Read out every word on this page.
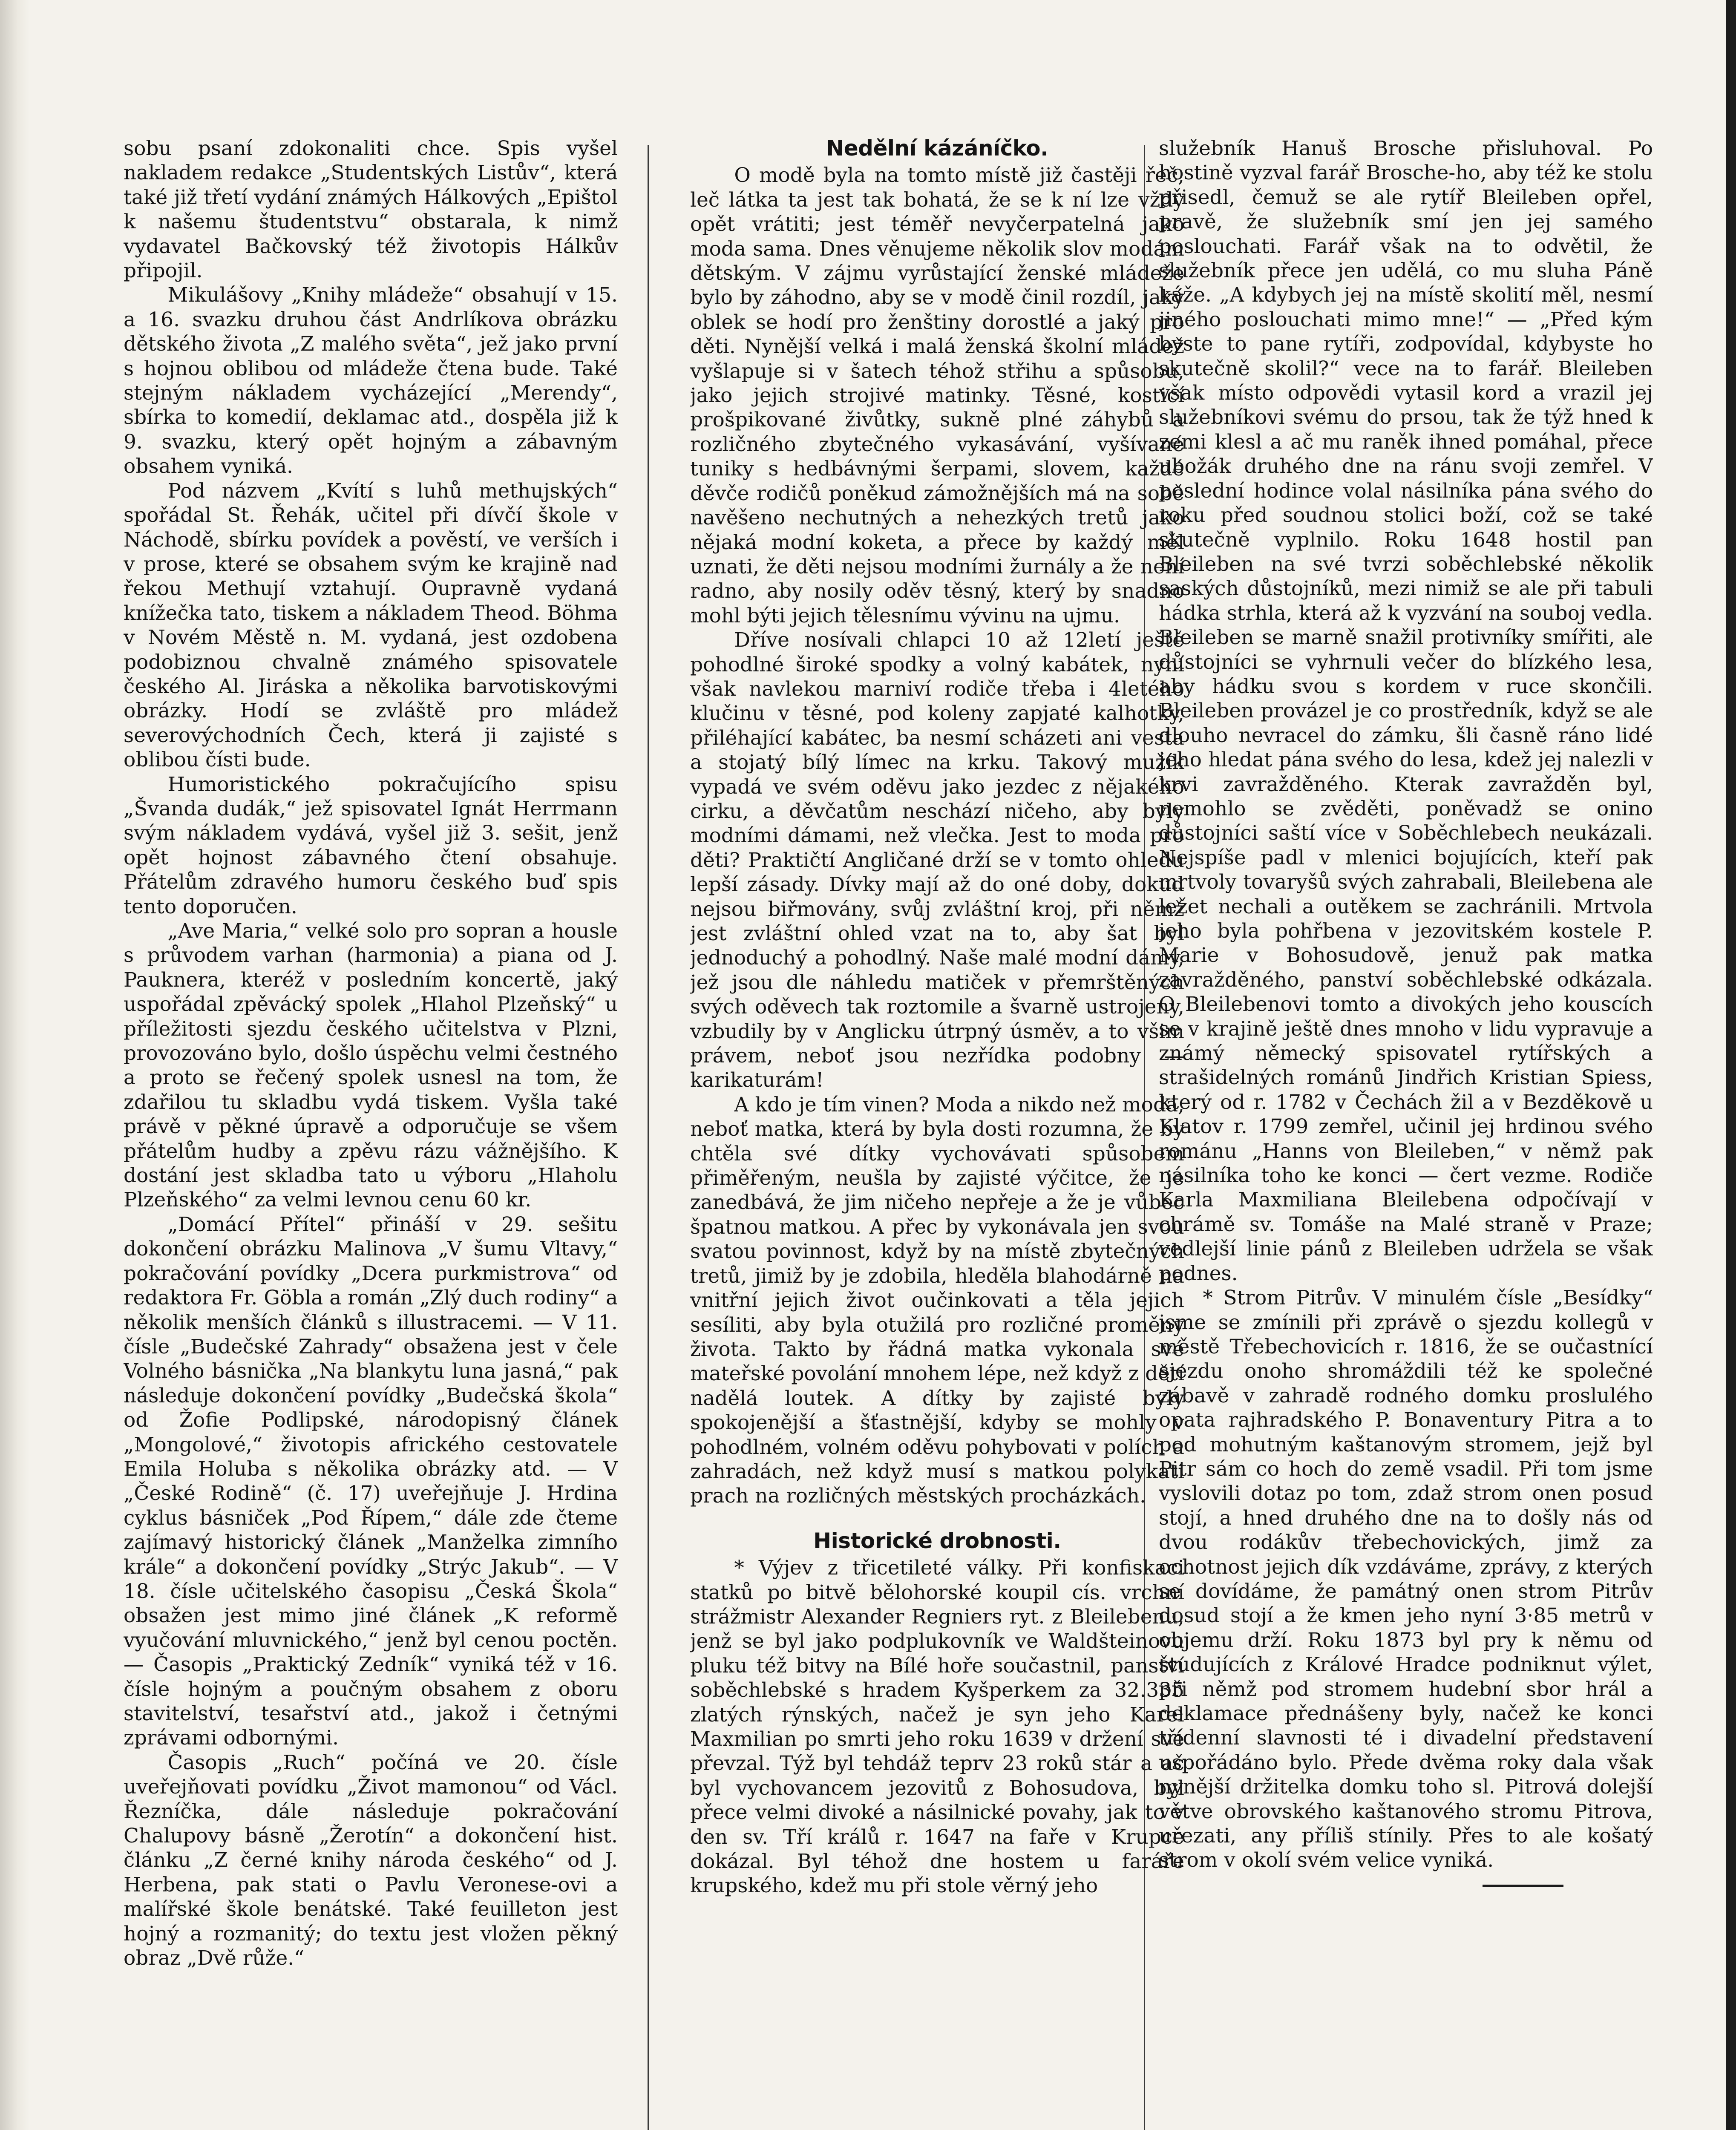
sobu psaní zdokonaliti chce. Spis vyšel nakladem redakce „Studentských Listův“, která také již třetí vydání známých Hálkových „Epištol k našemu študentstvu“ obstarala, k nimž vydavatel Bačkovský též životopis Hálkův připojil.

Mikulášovy „Knihy mládeže“ obsahují v 15. a 16. svazku druhou část Andrlíkova obrázku dětského života „Z malého světa“, jež jako první s hojnou oblibou od mládeže čtena bude. Také stejným nákladem vycházející „Merendy“, sbírka to komedií, deklamac atd., dospěla již k 9. svazku, který opět hojným a zábavným obsahem vyniká.

Pod názvem „Kvítí s luhů methujských“ spořádal St. Řehák, učitel při dívčí škole v Náchodě, sbírku povídek a pověstí, ve verších i v prose, které se obsahem svým ke krajině nad řekou Methují vztahují. Oupravně vydaná knížečka tato, tiskem a nákladem Theod. Böhma v Novém Městě n. M. vydaná, jest ozdobena podobiznou chvalně známého spisovatele českého Al. Jiráska a několika barvotiskovými obrázky. Hodí se zvláště pro mládež severovýchodních Čech, která ji zajisté s oblibou čísti bude.

Humoristického pokračujícího spisu „Švanda dudák,“ jež spisovatel Ignát Herrmann svým nákladem vydává, vyšel již 3. sešit, jenž opět hojnost zábavného čtení obsahuje. Přátelům zdravého humoru českého buď spis tento doporučen.

„Ave Maria,“ velké solo pro sopran a housle s průvodem varhan (harmonia) a piana od J. Pauknera, kteréž v posledním koncertě, jaký uspořádal zpěvácký spolek „Hlahol Plzeňský“ u příležitosti sjezdu českého učitelstva v Plzni, provozováno bylo, došlo úspěchu velmi čestného a proto se řečený spolek usnesl na tom, že zdařilou tu skladbu vydá tiskem. Vyšla také právě v pěkné úpravě a odporučuje se všem přátelům hudby a zpěvu rázu vážnějšího. K dostání jest skladba tato u výboru „Hlaholu Plzeňského“ za velmi levnou cenu 60 kr.

„Domácí Přítel“ přináší v 29. sešitu dokončení obrázku Malinova „V šumu Vltavy,“ pokračování povídky „Dcera purkmistrova“ od redaktora Fr. Göbla a román „Zlý duch rodiny“ a několik menších článků s illustracemi. — V 11. čísle „Budečské Zahrady“ obsažena jest v čele Volného básnička „Na blankytu luna jasná,“ pak následuje dokončení povídky „Budečská škola“ od Žofie Podlipské, národopisný článek „Mongolové,“ životopis afrického cestovatele Emila Holuba s několika obrázky atd. — V „České Rodině“ (č. 17) uveřejňuje J. Hrdina cyklus básniček „Pod Řípem,“ dále zde čteme zajímavý historický článek „Manželka zimního krále“ a dokončení povídky „Strýc Jakub“. — V 18. čísle učitelského časopisu „Česká Škola“ obsažen jest mimo jiné článek „K reformě vyučování mluvnického,“ jenž byl cenou poctěn. — Časopis „Praktický Zedník“ vyniká též v 16. čísle hojným a poučným obsahem z oboru stavitelství, tesařství atd., jakož i četnými zprávami odbornými.

Časopis „Ruch“ počíná ve 20. čísle uveřejňovati povídku „Život mamonou“ od Václ. Řezníčka, dále následuje pokračování Chalupovy básně „Žerotín“ a dokončení hist. článku „Z černé knihy národa českého“ od J. Herbena, pak stati o Pavlu Veronese-ovi a malířské škole benátské. Také feuilleton jest hojný a rozmanitý; do textu jest vložen pěkný obraz „Dvě růže.“

Nedělní kázáníčko.

O modě byla na tomto místě již častěji řeč, leč látka ta jest tak bohatá, že se k ní lze vždy opět vrátiti; jest téměř nevyčerpatelná jako moda sama. Dnes věnujeme několik slov modám dětským. V zájmu vyrůstající ženské mládeže bylo by záhodno, aby se v modě činil rozdíl, jaký oblek se hodí pro ženštiny dorostlé a jaký pro děti. Nynější velká i malá ženská školní mládež vyšlapuje si v šatech téhož střihu a spůsobu, jako jejich strojivé matinky. Těsné, kosticí prošpikované živůtky, sukně plné záhybů a rozličného zbytečného vykasávání, vyšívané tuniky s hedbávnými šerpami, slovem, každé děvče rodičů poněkud zámožnějších má na sobě navěšeno nechutných a nehezkých tretů jako nějaká modní koketa, a přece by každý měl uznati, že děti nejsou modními žurnály a že není radno, aby nosily oděv těsný, který by snadno mohl býti jejich tělesnímu vývinu na ujmu.

Dříve nosívali chlapci 10 až 12letí ještě pohodlné široké spodky a volný kabátek, nyní však navlekou marniví rodiče třeba i 4letého klučinu v těsné, pod koleny zapjaté kalhotky, přiléhající kabátec, ba nesmí scházeti ani vesta a stojatý bílý límec na krku. Takový mužík vypadá ve svém oděvu jako jezdec z nějakého cirku, a děvčatům neschází ničeho, aby byly modními dámami, než vlečka. Jest to moda pro děti? Praktičtí Angličané drží se v tomto ohledu lepší zásady. Dívky mají až do oné doby, dokud nejsou biřmovány, svůj zvláštní kroj, při němž jest zvláštní ohled vzat na to, aby šat byl jednoduchý a pohodlný. Naše malé modní dámy, jež jsou dle náhledu matiček v přemrštěných svých oděvech tak roztomile a švarně ustrojeny, vzbudily by v Anglicku útrpný úsměv, a to všim právem, neboť jsou nezřídka podobny — karikaturám!

A kdo je tím vinen? Moda a nikdo než moda, neboť matka, která by byla dosti rozumna, že by chtěla své dítky vychovávati spůsobem přiměřeným, neušla by zajisté výčitce, že je zanedbává, že jim ničeho nepřeje a že je vůbec špatnou matkou. A přec by vykonávala jen svou svatou povinnost, když by na místě zbytečných tretů, jimiž by je zdobila, hleděla blahodárně na vnitřní jejich život oučinkovati a těla jejich sesíliti, aby byla otužilá pro rozličné proměny života. Takto by řádná matka vykonala své mateřské povolání mnohem lépe, než když z dětí nadělá loutek. A dítky by zajisté byly spokojenější a šťastnější, kdyby se mohly v pohodlném, volném oděvu pohybovati v polích a zahradách, než když musí s matkou polykati prach na rozličných městských procházkách.

Historické drobnosti.

* Výjev z třicetileté války. Při konfiskaci statků po bitvě bělohorské koupil cís. vrchní strážmistr Alexander Regniers ryt. z Bleilebenu, jenž se byl jako podplukovník ve Waldšteinovu pluku též bitvy na Bílé hoře součastnil, panství soběchlebské s hradem Kyšperkem za 32.335 zlatých rýnských, načež je syn jeho Karel Maxmilian po smrti jeho roku 1639 v držení své převzal. Týž byl tehdáž teprv 23 roků stár a ač byl vychovancem jezovitů z Bohosudova, byl přece velmi divoké a násilnické povahy, jak to v den sv. Tří králů r. 1647 na faře v Krupce dokázal. Byl téhož dne hostem u faráře krupského, kdež mu při stole věrný jeho

služebník Hanuš Brosche přisluhoval. Po hostině vyzval farář Brosche-ho, aby též ke stolu přisedl, čemuž se ale rytíř Bleileben opřel, pravě, že služebník smí jen jej samého poslouchati. Farář však na to odvětil, že služebník přece jen udělá, co mu sluha Páně káže. „A kdybych jej na místě skolití měl, nesmí jiného poslouchati mimo mne!“ — „Před kým byste to pane rytíři, zodpovídal, kdybyste ho skutečně skolil?“ vece na to farář. Bleileben však místo odpovědi vytasil kord a vrazil jej služebníkovi svému do prsou, tak že týž hned k zemi klesl a ač mu raněk ihned pomáhal, přece ubožák druhého dne na ránu svoji zemřel. V poslední hodince volal násilníka pána svého do roku před soudnou stolici boží, což se také skutečně vyplnilo. Roku 1648 hostil pan Bleileben na své tvrzi soběchlebské několik saských důstojníků, mezi nimiž se ale při tabuli hádka strhla, která až k vyzvání na souboj vedla. Bleileben se marně snažil protivníky smířiti, ale důstojníci se vyhrnuli večer do blízkého lesa, aby hádku svou s kordem v ruce skončili. Bleileben provázel je co prostředník, když se ale dlouho nevracel do zámku, šli časně ráno lidé jeho hledat pána svého do lesa, kdež jej nalezli v krvi zavražděného. Kterak zavražděn byl, nemohlo se zvěděti, poněvadž se onino důstojníci saští více v Soběchlebech neukázali. Nejspíše padl v mlenici bojujících, kteří pak mrtvoly tovaryšů svých zahrabali, Bleilebena ale ležet nechali a outěkem se zachránili. Mrtvola jeho byla pohřbena v jezovitském kostele P. Marie v Bohosudově, jenuž pak matka zavražděného, panství soběchlebské odkázala. O Bleilebenovi tomto a divokých jeho kouscích se v krajině ještě dnes mnoho v lidu vypravuje a známý německý spisovatel rytířských a strašidelných románů Jindřich Kristian Spiess, který od r. 1782 v Čechách žil a v Bezděkově u Klatov r. 1799 zemřel, učinil jej hrdinou svého románu „Hanns von Bleileben,“ v němž pak násilníka toho ke konci — čert vezme. Rodiče Karla Maxmiliana Bleilebena odpočívají v chrámě sv. Tomáše na Malé straně v Praze; vedlejší linie pánů z Bleileben udržela se však podnes.

* Strom Pitrův. V minulém čísle „Besídky“ jsme se zmínili při zprávě o sjezdu kollegů v městě Třebechovicích r. 1816, že se oučastnící sjezdu onoho shromáždili též ke společné zábavě v zahradě rodného domku proslulého opata rajhradského P. Bonaventury Pitra a to pod mohutným kaštanovým stromem, jejž byl Pitr sám co hoch do země vsadil. Při tom jsme vyslovili dotaz po tom, zdaž strom onen posud stojí, a hned druhého dne na to došly nás od dvou rodákův třebechovických, jimž za ochotnost jejich dík vzdáváme, zprávy, z kterých se dovídáme, že památný onen strom Pitrův dosud stojí a že kmen jeho nyní 3·85 metrů v objemu drží. Roku 1873 byl pry k němu od študujících z Králové Hradce podniknut výlet, při němž pod stromem hudební sbor hrál a deklamace přednášeny byly, načež ke konci třídenní slavnosti té i divadelní představení uspořádáno bylo. Přede dvěma roky dala však nynější držitelka domku toho sl. Pitrová dolejší větve obrovského kaštanového stromu Pitrova, uřezati, any příliš stínily. Přes to ale košatý strom v okolí svém velice vyniká.
